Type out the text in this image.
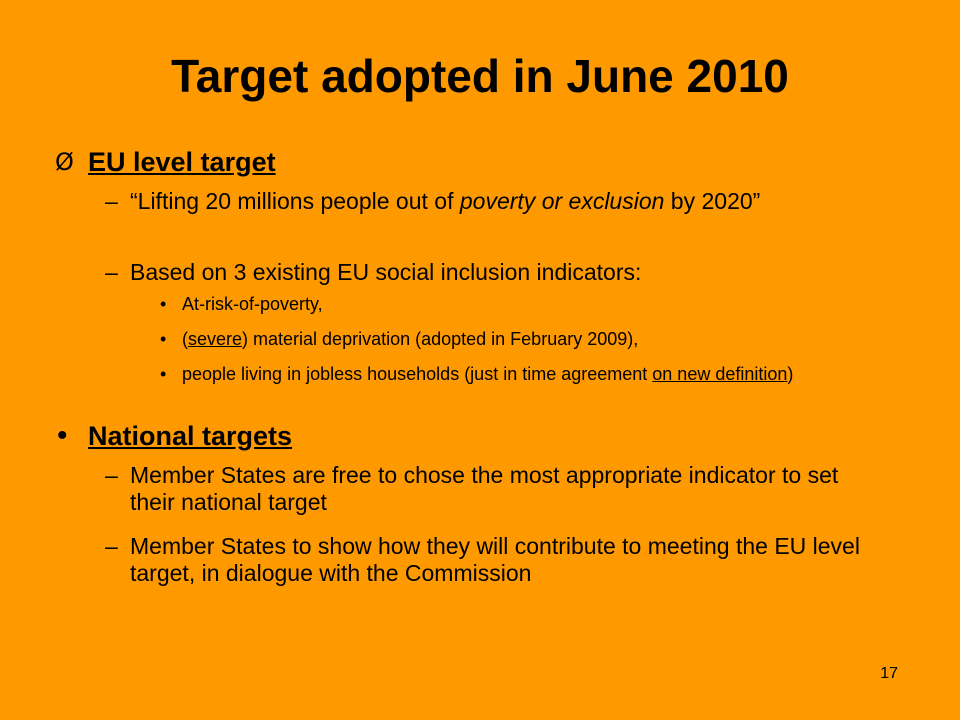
Target adopted in June 2010
Ø EU level target
– “Lifting 20 millions people out of poverty or exclusion by 2020”
– Based on 3 existing EU social inclusion indicators:
• At-risk-of-poverty,
• (severe) material deprivation (adopted in February 2009),
• people living in jobless households (just in time agreement on new definition)
• National targets
– Member States are free to chose the most appropriate indicator to set their national target
– Member States to show how they will contribute to meeting the EU level target, in dialogue with the Commission
17
